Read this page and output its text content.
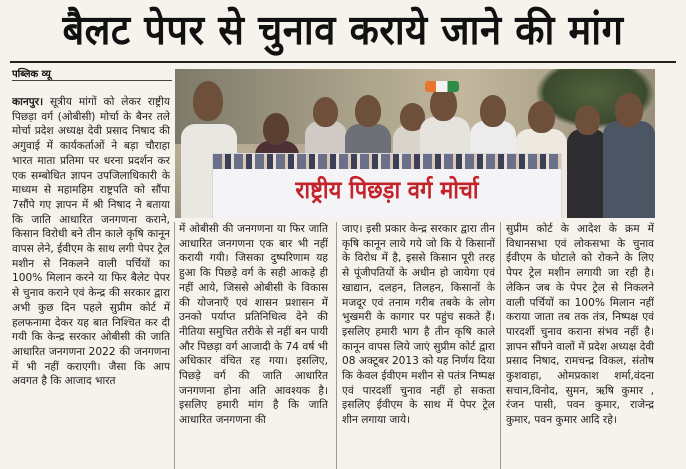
बैलट पेपर से चुनाव कराये जाने की मांग
पब्लिक व्यू
राष्ट्रीय पिछड़ा वर्ग मोर्चा

कानपुर। सूत्रीय मांगों को लेकर राष्ट्रीय पिछड़ा वर्ग (ओबीसी) मोर्चा के बैनर तले मोर्चा प्रदेश अध्यक्ष देवी प्रसाद निषाद की अगुवाई में कार्यकर्ताओं ने बड़ा चौराहा भारत माता प्रतिमा पर धरना प्रदर्शन कर एक सम्बोधित ज्ञापन उपजिलाधिकारी के माध्यम से महामहिम राष्ट्रपति को सौंपा 7सौंपे गए ज्ञापन में श्री निषाद ने बताया कि जाति आधारित जनगणना कराने, किसान विरोधी बने तीन काले कृषि कानून वापस लेने, ईवीएम के साथ लगी पेपर ट्रेल मशीन से निकलने वाली पर्चियों का 100% मिलान करने या फिर बैलेट पेपर से चुनाव कराने एवं केन्द्र की सरकार द्वारा अभी कुछ दिन पहले सुप्रीम कोर्ट में हलफनामा देकर यह बात निश्चित कर दी गयी कि केन्द्र सरकार ओबीसी की जाति आधारित जनगणना 2022 की जनगणना में भी नहीं कराएगी। जैसा कि आप अवगत है कि आजाद भारत

में ओबीसी की जनगणना या फिर जाति आधारित जनगणना एक बार भी नहीं करायी गयी। जिसका दुष्परिणाम यह हुआ कि पिछड़े वर्ग के सही आकड़े ही नहीं आये, जिससे ओबीसी के विकास की योजनाएँ एवं शासन प्रशासन में उनको पर्याप्त प्रतिनिधित्व देने की नीतिया समुचित तरीके से नहीं बन पायी और पिछड़ा वर्ग आजादी के 74 वर्ष भी अधिकार वंचित रह गया। इसलिए, पिछड़े वर्ग की जाति आधारित जनगणना होना अति आवश्यक है। इसलिए हमारी मांग है कि जाति आधारित जनगणना की

जाए। इसी प्रकार केन्द्र सरकार द्वारा तीन कृषि कानून लाये गये जो कि ये किसानों के विरोध में है, इससे किसान पूरी तरह से पूंजीपतियों के अधीन हो जायेगा एवं खाद्यान, दलहन, तिलहन, किसानों के मजदूर एवं तनाम गरीब तबके के लोग भुखमरी के कागार पर पहुंच सकते हैं। इसलिए हमारी भाग है तीन कृषि काले कानून वापस लिये जाएं सुप्रीम कोर्ट द्वारा 08 अक्टूबर 2013 को यह निर्णय दिया कि केवल ईवीएम मशीन से पतंत्र निष्पक्ष एवं पारदर्शी चुनाव नहीं हो सकता इसलिए ईवीएम के साथ में पेपर ट्रेल शीन लगाया जाये।

सुप्रीम कोर्ट के आदेश के क्रम में विधानसभा एवं लोकसभा के चुनाव ईवीएम के घोटाले को रोकने के लिए पेपर ट्रेल मशीन लगायी जा रही है। लेकिन जब के पेपर ट्रेल से निकलने वाली पर्चियों का 100% मिलान नहीं कराया जाता तब तक तंत्र, निष्पक्ष एवं पारदर्शी चुनाव कराना संभव नहीं है। ज्ञापन सौंपने वालों में प्रदेश अध्यक्ष देवी प्रसाद निषाद, रामचन्द्र विकल, संतोष कुशवाहा, ओमप्रकाश शर्मा,वंदना सचान,विनोद, सुमन, ऋषि कुमार , रंजन पासी, पवन कुमार, राजेन्द्र कुमार, पवन कुमार आदि रहे।
